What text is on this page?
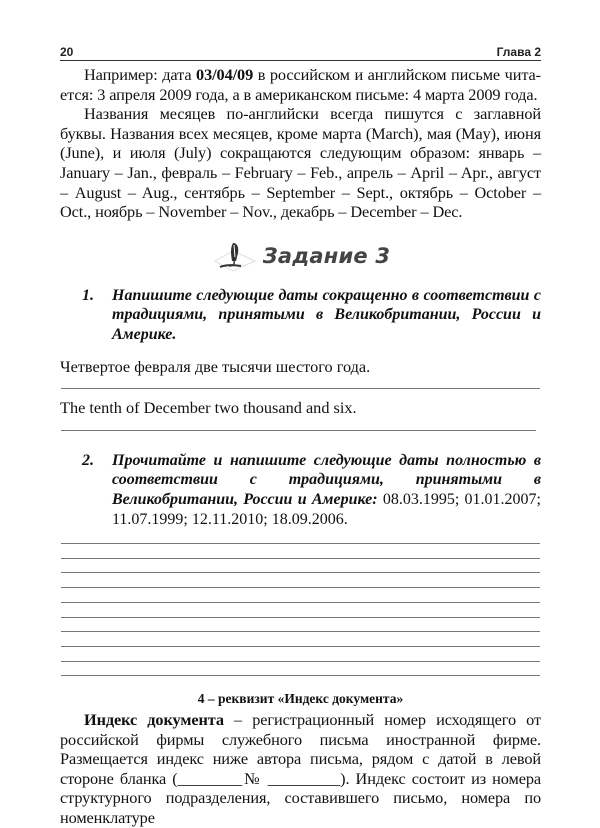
20	Глава 2

Например: дата 03/04/09 в российском и английском письме чита-ется: 3 апреля 2009 года, а в американском письме: 4 марта 2009 года.

Названия месяцев по-английски всегда пишутся с заглавной буквы. Названия всех месяцев, кроме марта (March), мая (May), июня (June), и июля (July) сокращаются следующим образом: январь – January – Jan., февраль – February – Feb., апрель – April – Apr., август – August – Aug., сентябрь – September – Sept., октябрь – October – Oct., ноябрь – November – Nov., декабрь – December – Dec.

Задание 3
1. Напишите следующие даты сокращенно в соответствии с традициями, принятыми в Великобритании, России и Америке.

Четвертое февраля две тысячи шестого года.

The tenth of December two thousand and six.

2. Прочитайте и напишите следующие даты полностью в соответствии с традициями, принятыми в Великобритании, России и Америке: 08.03.1995; 01.01.2007; 11.07.1999; 12.11.2010; 18.09.2006.

4 – реквизит «Индекс документа»

Индекс документа – регистрационный номер исходящего от российской фирмы служебного письма иностранной фирме. Размещается индекс ниже автора письма, рядом с датой в левой стороне бланка (________№ _________). Индекс состоит из номера структурного подразделения, составившего письмо, номера по номенклатуре
